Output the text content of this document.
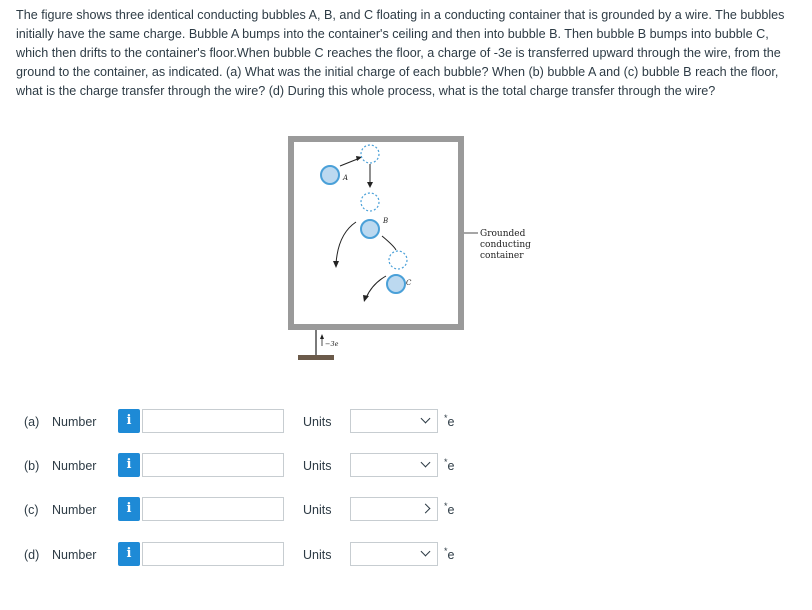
The figure shows three identical conducting bubbles A, B, and C floating in a conducting container that is grounded by a wire. The bubbles initially have the same charge. Bubble A bumps into the container's ceiling and then into bubble B. Then bubble B bumps into bubble C, which then drifts to the container's floor.When bubble C reaches the floor, a charge of -3e is transferred upward through the wire, from the ground to the container, as indicated. (a) What was the initial charge of each bubble? When (b) bubble A and (c) bubble B reach the floor, what is the charge transfer through the wire? (d) During this whole process, what is the total charge transfer through the wire?
A
B
C
−3e
Grounded
conducting
container
(a) Number	i	Units	*e
(b) Number	i	Units	*e
(c) Number	i	Units	*e
(d) Number	i	Units	*e
